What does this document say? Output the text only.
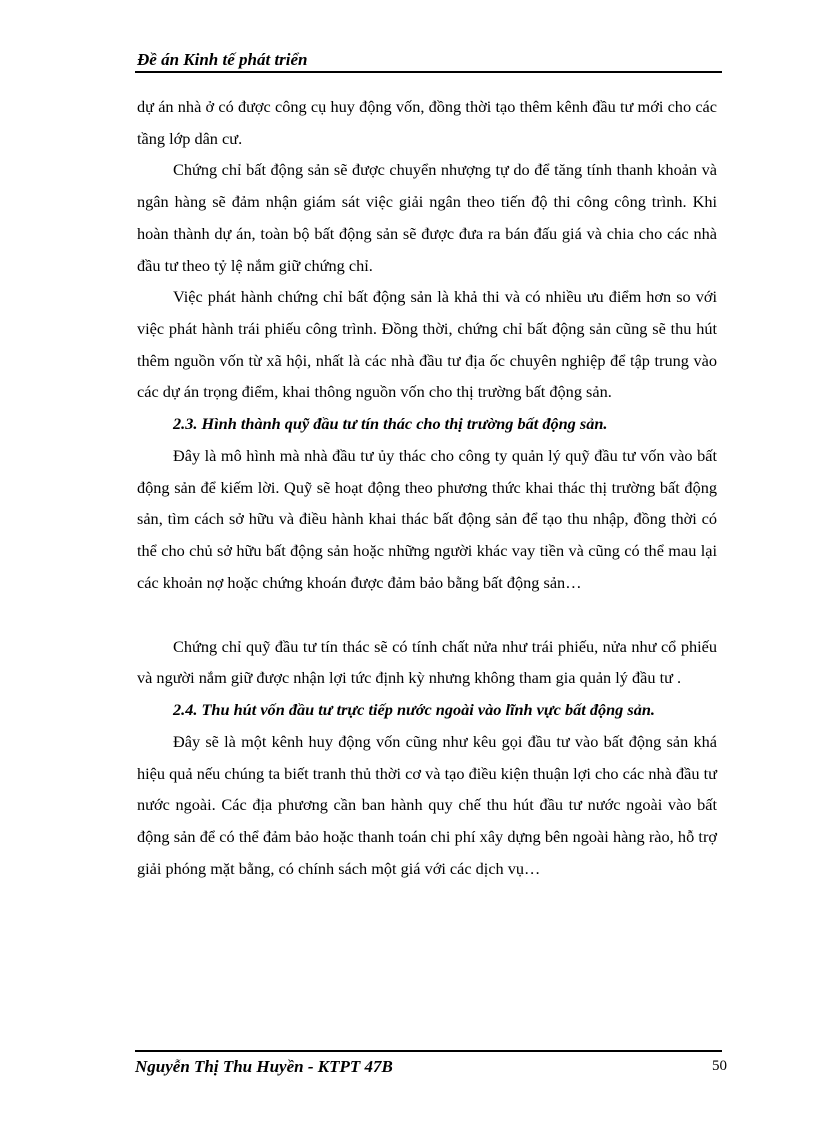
Đề án Kinh tế phát triển

dự án nhà ở có được công cụ huy động vốn, đồng thời tạo thêm kênh đầu tư mới cho các tầng lớp dân cư.

Chứng chỉ bất động sản sẽ được chuyển nhượng tự do để tăng tính thanh khoản và ngân hàng sẽ đảm nhận giám sát việc giải ngân theo tiến độ thi công công trình. Khi hoàn thành dự án, toàn bộ bất động sản sẽ được đưa ra bán đấu giá và chia cho các nhà đầu tư theo tỷ lệ nắm giữ chứng chỉ.

Việc phát hành chứng chỉ bất động sản là khả thi và có nhiều ưu điểm hơn so với việc phát hành trái phiếu công trình. Đồng thời, chứng chỉ bất động sản cũng sẽ thu hút thêm nguồn vốn từ xã hội, nhất là các nhà đầu tư địa ốc chuyên nghiệp để tập trung vào các dự án trọng điểm, khai thông nguồn vốn cho thị trường bất động sản.

2.3. Hình thành quỹ đầu tư tín thác cho thị trường bất động sản.

Đây là mô hình mà nhà đầu tư ủy thác cho công ty quản lý quỹ đầu tư vốn vào bất động sản để kiếm lời. Quỹ sẽ hoạt động theo phương thức khai thác thị trường bất động sản, tìm cách sở hữu và điều hành khai thác bất động sản để tạo thu nhập, đồng thời có thể cho chủ sở hữu bất động sản hoặc những người khác vay tiền và cũng có thể mau lại các khoản nợ hoặc chứng khoán được đảm bảo bằng bất động sản…

Chứng chỉ quỹ đầu tư tín thác sẽ có tính chất nửa như trái phiếu, nửa như cổ phiếu và người nắm giữ được nhận lợi tức định kỳ nhưng không tham gia quản lý đầu tư .

2.4. Thu hút vốn đầu tư trực tiếp nước ngoài vào lĩnh vực bất động sản.

Đây sẽ là một kênh huy động vốn cũng như kêu gọi đầu tư vào bất động sản khá hiệu quả nếu chúng ta biết tranh thủ thời cơ và tạo điều kiện thuận lợi cho các nhà đầu tư nước ngoài. Các địa phương cần ban hành quy chế thu hút đầu tư nước ngoài vào bất động sản để có thể đảm bảo hoặc thanh toán chi phí xây dựng bên ngoài hàng rào, hỗ trợ giải phóng mặt bằng, có chính sách một giá với các dịch vụ…

Nguyễn Thị Thu Huyền - KTPT 47B	50
